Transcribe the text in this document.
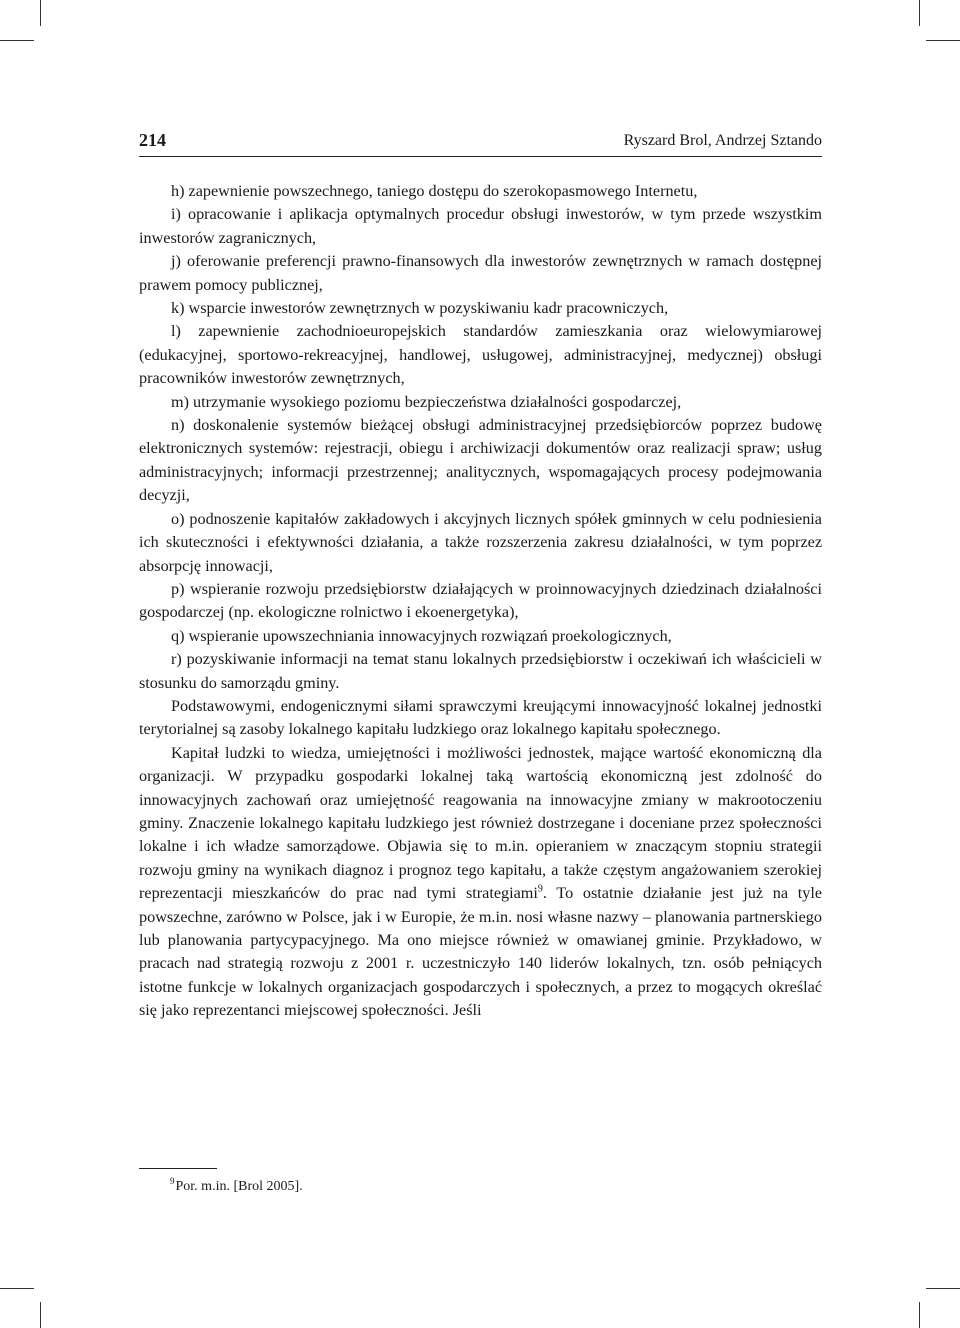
214	Ryszard Brol, Andrzej Sztando

h) zapewnienie powszechnego, taniego dostępu do szerokopasmowego Internetu,

i) opracowanie i aplikacja optymalnych procedur obsługi inwestorów, w tym przede wszystkim inwestorów zagranicznych,

j) oferowanie preferencji prawno-finansowych dla inwestorów zewnętrznych w ramach dostępnej prawem pomocy publicznej,

k) wsparcie inwestorów zewnętrznych w pozyskiwaniu kadr pracowniczych,

l) zapewnienie zachodnioeuropejskich standardów zamieszkania oraz wielowymiarowej (edukacyjnej, sportowo-rekreacyjnej, handlowej, usługowej, administracyjnej, medycznej) obsługi pracowników inwestorów zewnętrznych,

m) utrzymanie wysokiego poziomu bezpieczeństwa działalności gospodarczej,

n) doskonalenie systemów bieżącej obsługi administracyjnej przedsiębiorców poprzez budowę elektronicznych systemów: rejestracji, obiegu i archiwizacji dokumentów oraz realizacji spraw; usług administracyjnych; informacji przestrzennej; analitycznych, wspomagających procesy podejmowania decyzji,

o) podnoszenie kapitałów zakładowych i akcyjnych licznych spółek gminnych w celu podniesienia ich skuteczności i efektywności działania, a także rozszerzenia zakresu działalności, w tym poprzez absorpcję innowacji,

p) wspieranie rozwoju przedsiębiorstw działających w proinnowacyjnych dziedzinach działalności gospodarczej (np. ekologiczne rolnictwo i ekoenergetyka),

q) wspieranie upowszechniania innowacyjnych rozwiązań proekologicznych,

r) pozyskiwanie informacji na temat stanu lokalnych przedsiębiorstw i oczekiwań ich właścicieli w stosunku do samorządu gminy.

Podstawowymi, endogenicznymi siłami sprawczymi kreującymi innowacyjność lokalnej jednostki terytorialnej są zasoby lokalnego kapitału ludzkiego oraz lokalnego kapitału społecznego.

Kapitał ludzki to wiedza, umiejętności i możliwości jednostek, mające wartość ekonomiczną dla organizacji. W przypadku gospodarki lokalnej taką wartością ekonomiczną jest zdolność do innowacyjnych zachowań oraz umiejętność reagowania na innowacyjne zmiany w makrootoczeniu gminy. Znaczenie lokalnego kapitału ludzkiego jest również dostrzegane i doceniane przez społeczności lokalne i ich władze samorządowe. Objawia się to m.in. opieraniem w znaczącym stopniu strategii rozwoju gminy na wynikach diagnoz i prognoz tego kapitału, a także częstym angażowaniem szerokiej reprezentacji mieszkańców do prac nad tymi strategiami$^9$. To ostatnie działanie jest już na tyle powszechne, zarówno w Polsce, jak i w Europie, że m.in. nosi własne nazwy – planowania partnerskiego lub planowania partycypacyjnego. Ma ono miejsce również w omawianej gminie. Przykładowo, w pracach nad strategią rozwoju z 2001 r. uczestniczyło 140 liderów lokalnych, tzn. osób pełniących istotne funkcje w lokalnych organizacjach gospodarczych i społecznych, a przez to mogących określać się jako reprezentanci miejscowej społeczności. Jeśli

$^9$Por. m.in. [Brol 2005].
